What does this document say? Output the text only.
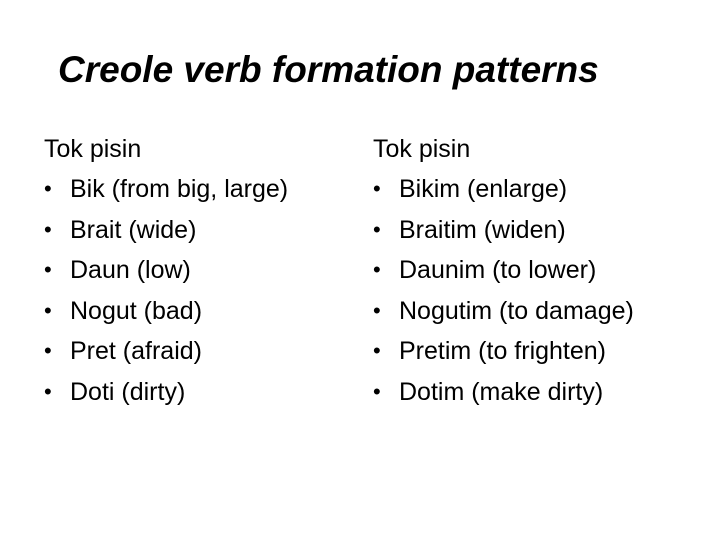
Creole verb formation patterns
Tok pisin
• Bik (from big, large)
• Brait (wide)
• Daun (low)
• Nogut (bad)
• Pret (afraid)
• Doti (dirty)
Tok pisin
• Bikim (enlarge)
• Braitim (widen)
• Daunim (to lower)
• Nogutim (to damage)
• Pretim (to frighten)
• Dotim (make dirty)
